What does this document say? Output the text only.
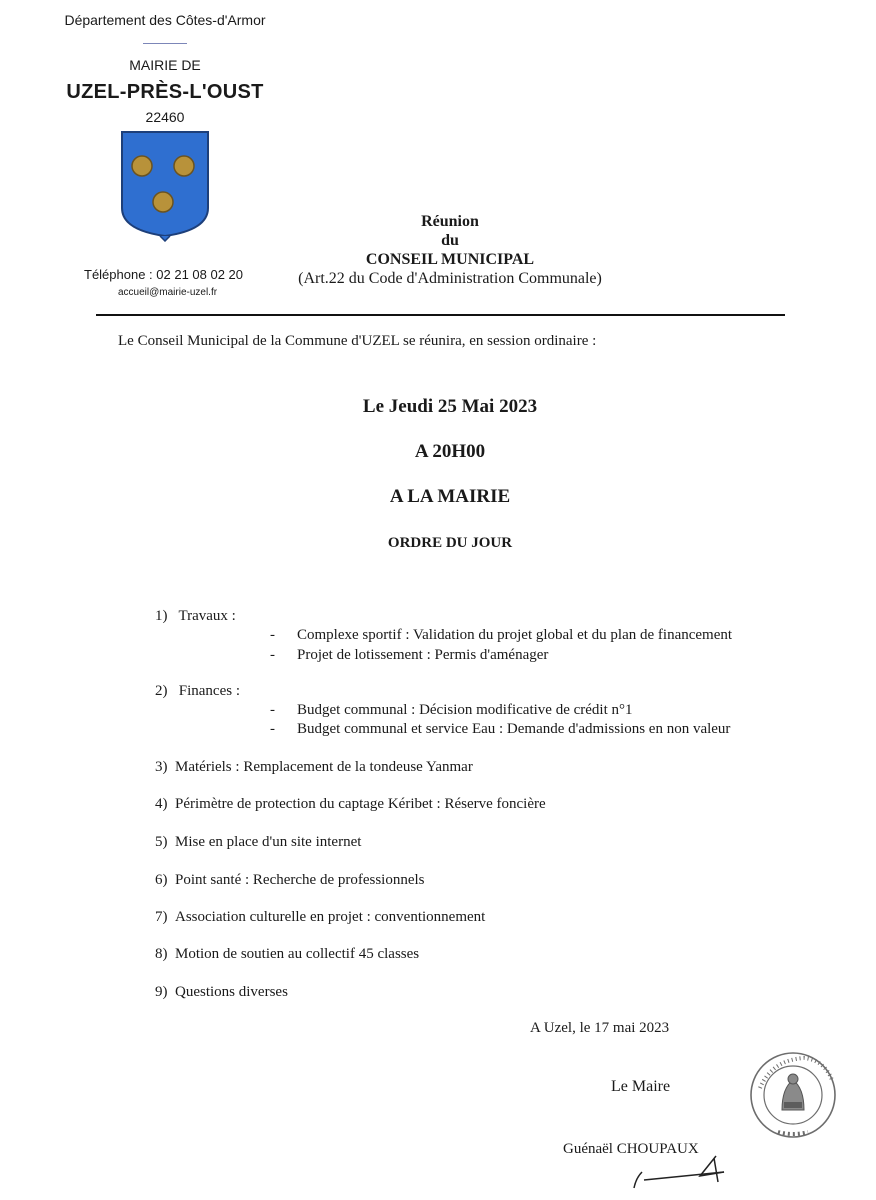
Département des Côtes-d'Armor
MAIRIE DE
UZEL-PRÈS-L'OUST
22460
Téléphone : 02 21 08 02 20
accueil@mairie-uzel.fr
Réunion
du
CONSEIL MUNICIPAL
(Art.22 du Code d'Administration Communale)
Le Conseil Municipal de la Commune d'UZEL se réunira, en session ordinaire :
Le Jeudi 25 Mai 2023
A 20H00
A LA MAIRIE
ORDRE DU JOUR
1) Travaux :
- Complexe sportif : Validation du projet global et du plan de financement
- Projet de lotissement : Permis d'aménager
2) Finances :
- Budget communal : Décision modificative de crédit n°1
- Budget communal et service Eau : Demande d'admissions en non valeur
3) Matériels : Remplacement de la tondeuse Yanmar
4) Périmètre de protection du captage Kéribet : Réserve foncière
5) Mise en place d'un site internet
6) Point santé : Recherche de professionnels
7) Association culturelle en projet : conventionnement
8) Motion de soutien au collectif 45 classes
9) Questions diverses
A Uzel, le 17 mai 2023
Le Maire
Guénaël CHOUPAUX
